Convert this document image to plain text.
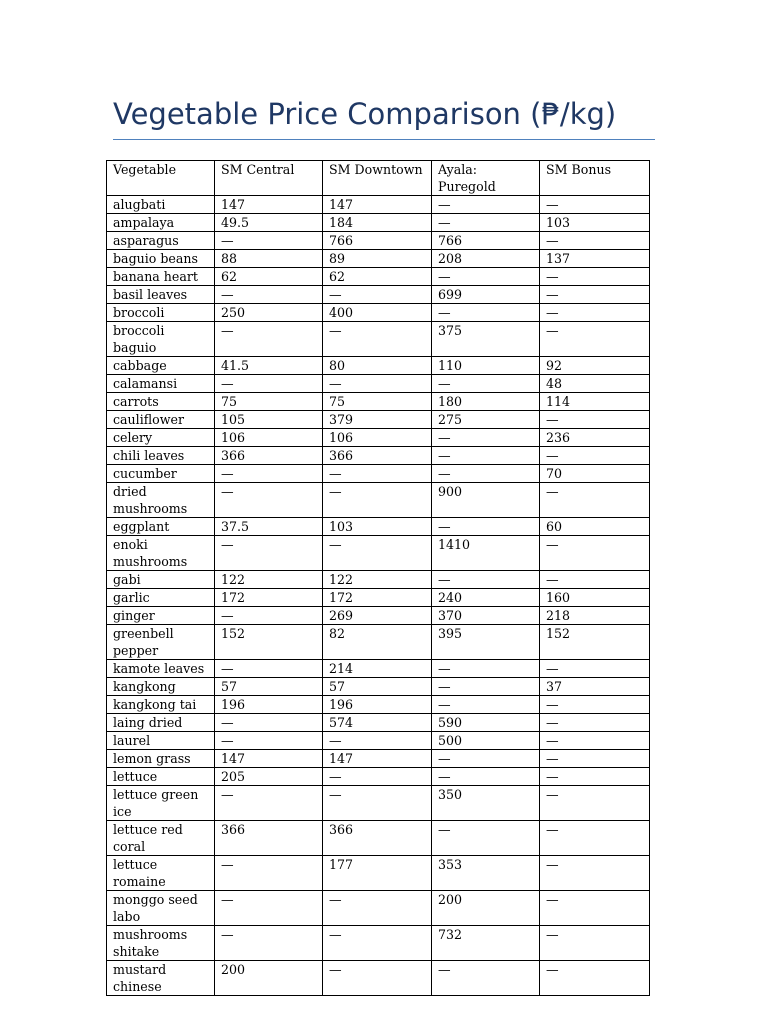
Vegetable Price Comparison (₱/kg)
Vegetable	SM Central	SM Downtown	Ayala: Puregold	SM Bonus
alugbati	147	147	—	—
ampalaya	49.5	184	—	103
asparagus	—	766	766	—
baguio beans	88	89	208	137
banana heart	62	62	—	—
basil leaves	—	—	699	—
broccoli	250	400	—	—
broccoli baguio	—	—	375	—
cabbage	41.5	80	110	92
calamansi	—	—	—	48
carrots	75	75	180	114
cauliflower	105	379	275	—
celery	106	106	—	236
chili leaves	366	366	—	—
cucumber	—	—	—	70
dried mushrooms	—	—	900	—
eggplant	37.5	103	—	60
enoki mushrooms	—	—	1410	—
gabi	122	122	—	—
garlic	172	172	240	160
ginger	—	269	370	218
greenbell pepper	152	82	395	152
kamote leaves	—	214	—	—
kangkong	57	57	—	37
kangkong tai	196	196	—	—
laing dried	—	574	590	—
laurel	—	—	500	—
lemon grass	147	147	—	—
lettuce	205	—	—	—
lettuce green ice	—	—	350	—
lettuce red coral	366	366	—	—
lettuce romaine	—	177	353	—
monggo seed labo	—	—	200	—
mushrooms shitake	—	—	732	—
mustard chinese	200	—	—	—
